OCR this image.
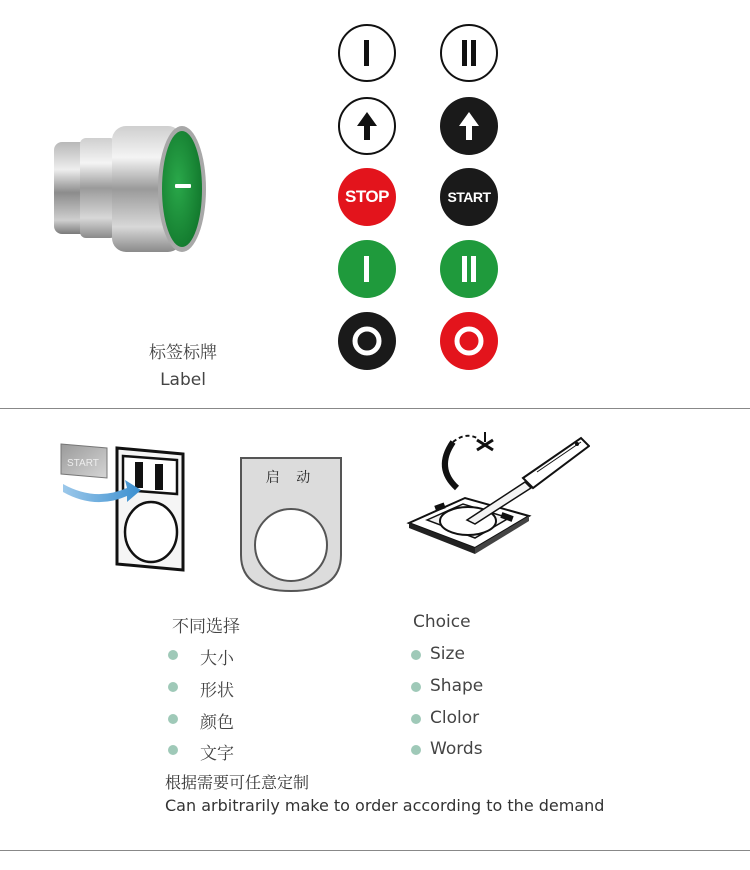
标签标牌
Label
STOP	START
START
启 动
不同选择	Choice
大小
形状
颜色
文字
Size
Shape
Clolor
Words
根据需要可任意定制
Can arbitrarily make to order according to the demand
